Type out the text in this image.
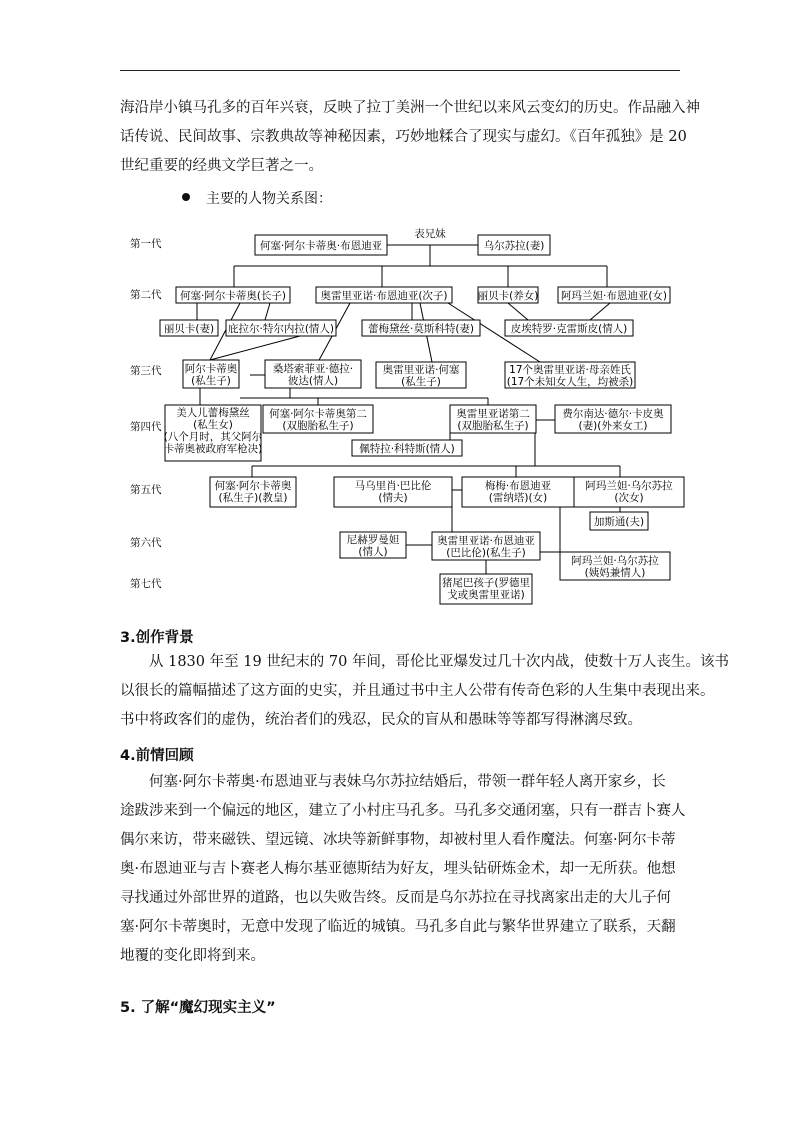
海沿岸小镇马孔多的百年兴衰，反映了拉丁美洲一个世纪以来风云变幻的历史。作品融入神
话传说、民间故事、宗教典故等神秘因素，巧妙地糅合了现实与虚幻。《百年孤独》是 20
世纪重要的经典文学巨著之一。

主要的人物关系图：
第一代
第二代
第三代
第四代
第五代
第六代
第七代
表兄妹
何塞·阿尔卡蒂奥·布恩迪亚	乌尔苏拉(妻)
何塞·阿尔卡蒂奥(长子)	奥雷里亚诺·布恩迪亚(次子)	丽贝卡(养女) 阿玛兰妲·布恩迪亚(女)
丽贝卡(妻) 庇拉尔·特尔内拉(情人)	蕾梅黛丝·莫斯科特(妻)	皮埃特罗·克雷斯皮(情人)
阿尔卡蒂奥
(私生子)
桑塔索菲亚·德拉·
彼达(情人)
奥雷里亚诺·何塞
(私生子)
17个奥雷里亚诺·母亲姓氏
(17个未知女人生，均被杀)
美人儿蕾梅黛丝
(私生女)
(八个月时，其父阿尔
卡蒂奥被政府军枪决)
何塞·阿尔卡蒂奥第二
(双胞胎私生子)
奥雷里亚诺第二
(双胞胎私生子)
费尔南达·德尔·卡皮奥
(妻)(外来女工)
佩特拉·科特斯(情人)
何塞·阿尔卡蒂奥
(私生子)(教皇)
马乌里肖·巴比伦
(情夫)
梅梅·布恩迪亚
(雷纳塔)(女)
阿玛兰妲·乌尔苏拉
(次女)
加斯通(夫)
尼赫罗曼妲
(情人)
奥雷里亚诺·布恩迪亚
(巴比伦)(私生子)
阿玛兰妲·乌尔苏拉
(姨妈兼情人)
猪尾巴孩子(罗德里
戈或奥雷里亚诺)
3.创作背景

从 1830 年至 19 世纪末的 70 年间，哥伦比亚爆发过几十次内战，使数十万人丧生。该书
以很长的篇幅描述了这方面的史实，并且通过书中主人公带有传奇色彩的人生集中表现出来。
书中将政客们的虚伪，统治者们的残忍，民众的盲从和愚昧等等都写得淋漓尽致。

4.前情回顾

何塞·阿尔卡蒂奥·布恩迪亚与表妹乌尔苏拉结婚后，带领一群年轻人离开家乡，长
途跋涉来到一个偏远的地区，建立了小村庄马孔多。马孔多交通闭塞，只有一群吉卜赛人
偶尔来访，带来磁铁、望远镜、冰块等新鲜事物，却被村里人看作魔法。何塞·阿尔卡蒂
奥·布恩迪亚与吉卜赛老人梅尔基亚德斯结为好友，埋头钻研炼金术，却一无所获。他想
寻找通过外部世界的道路，也以失败告终。反而是乌尔苏拉在寻找离家出走的大儿子何
塞·阿尔卡蒂奥时，无意中发现了临近的城镇。马孔多自此与繁华世界建立了联系，天翻
地覆的变化即将到来。

5. 了解“魔幻现实主义”
